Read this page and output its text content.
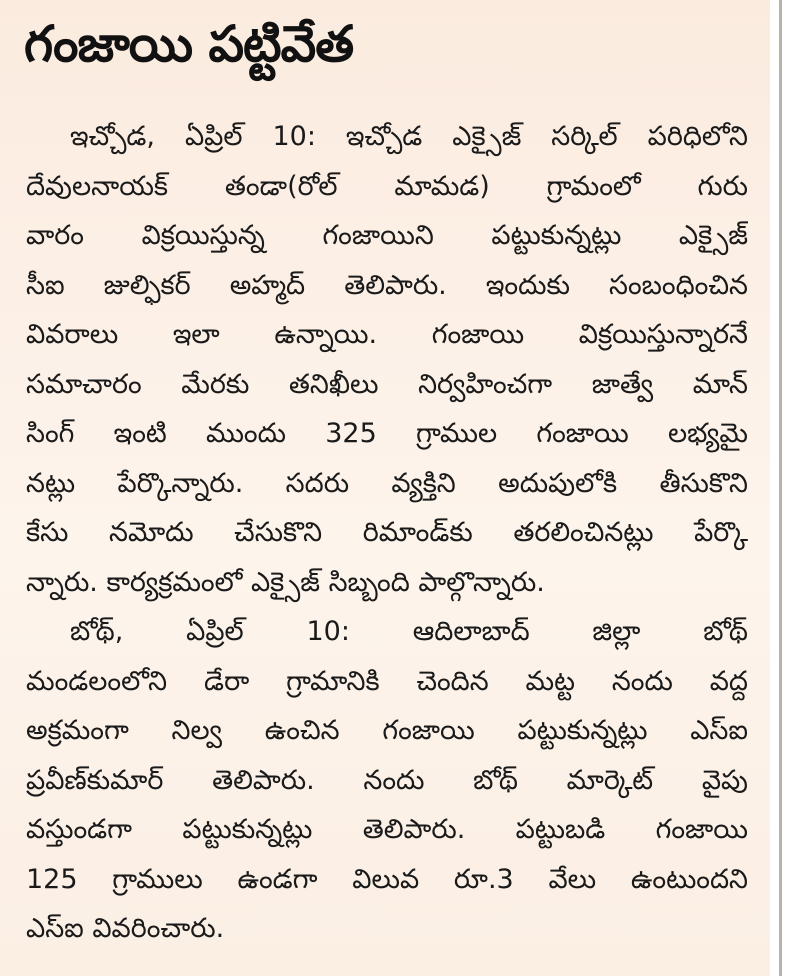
గంజాయి పట్టివేత
ఇచ్చోడ, ఏప్రిల్ 10: ఇచ్చోడ ఎక్సైజ్ సర్కిల్ పరిధిలోని
దేవులనాయక్ తండా(రోల్ మామడ) గ్రామంలో గురు
వారం విక్రయిస్తున్న గంజాయిని పట్టుకున్నట్లు ఎక్సైజ్
సీఐ జుల్ఫికర్ అహ్మద్ తెలిపారు. ఇందుకు సంబంధించిన
వివరాలు ఇలా ఉన్నాయి. గంజాయి విక్రయిస్తున్నారనే
సమాచారం మేరకు తనిఖీలు నిర్వహించగా జాత్వే మాన్
సింగ్ ఇంటి ముందు 325 గ్రాముల గంజాయి లభ్యమై
నట్లు పేర్కొన్నారు. సదరు వ్యక్తిని అదుపులోకి తీసుకొని
కేసు నమోదు చేసుకొని రిమాండ్‌కు తరలించినట్లు పేర్కొ
న్నారు. కార్యక్రమంలో ఎక్సైజ్ సిబ్బంది పాల్గొన్నారు.
బోథ్, ఏప్రిల్ 10: ఆదిలాబాద్ జిల్లా బోథ్
మండలంలోని డేరా గ్రామానికి చెందిన మట్ట నందు వద్ద
అక్రమంగా నిల్వ ఉంచిన గంజాయి పట్టుకున్నట్లు ఎస్ఐ
ప్రవీణ్‌కుమార్ తెలిపారు. నందు బోథ్ మార్కెట్ వైపు
వస్తుండగా పట్టుకున్నట్లు తెలిపారు. పట్టుబడి గంజాయి
125 గ్రాములు ఉండగా విలువ రూ.3 వేలు ఉంటుందని
ఎస్ఐ వివరించారు.
